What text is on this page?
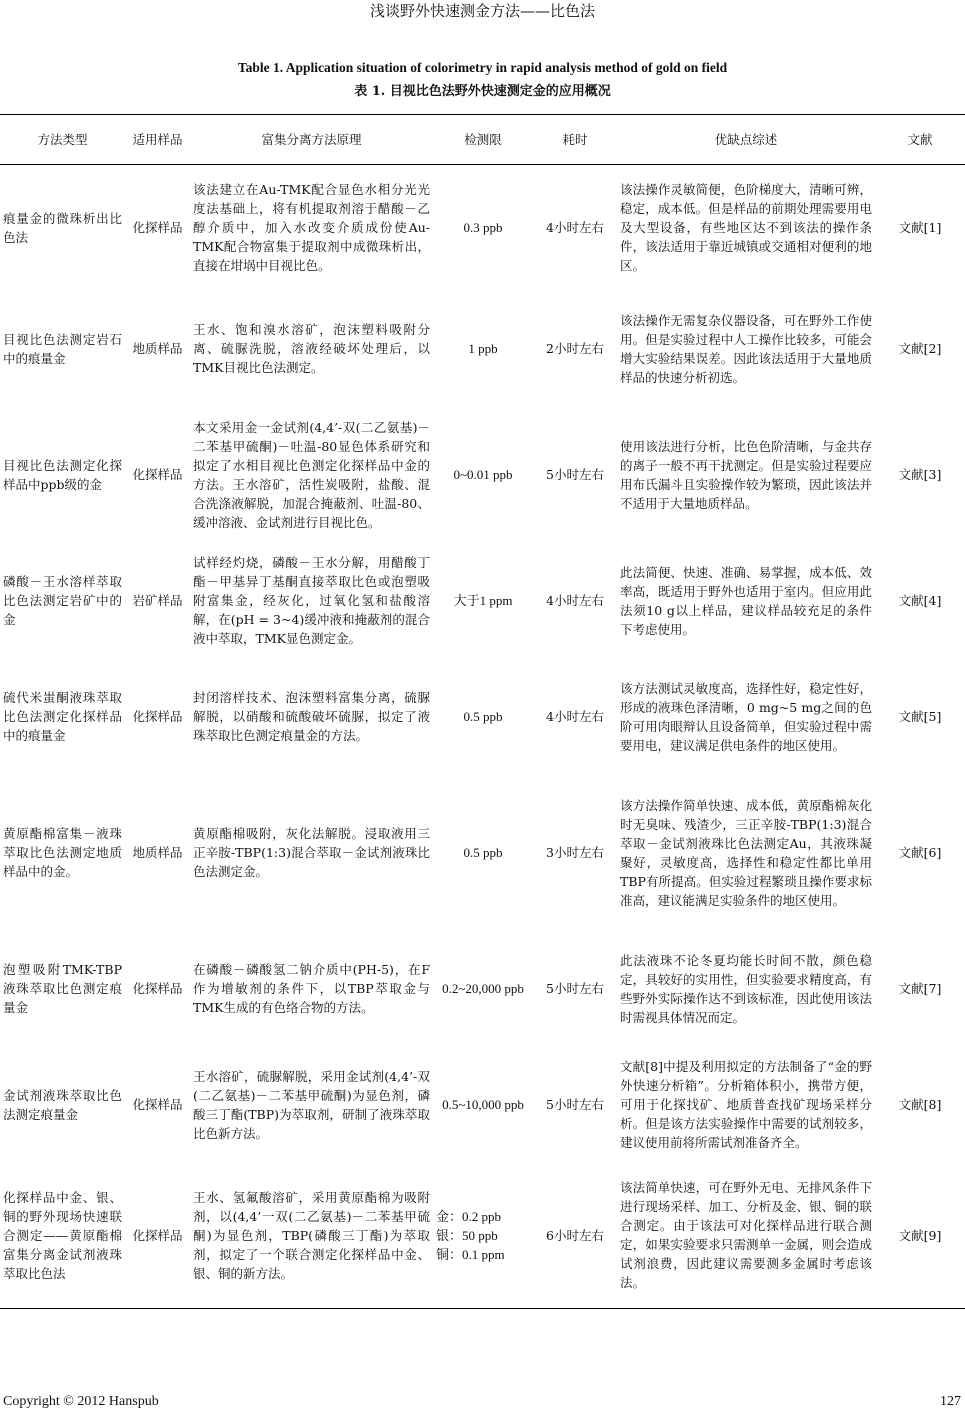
浅谈野外快速测金方法——比色法
Table 1. Application situation of colorimetry in rapid analysis method of gold on field
表 1. 目视比色法野外快速测定金的应用概况
方法类型	适用样品	富集分离方法原理	检测限	耗时	优缺点综述	文献
痕量金的微珠析出比色法	化探样品	该法建立在Au-TMK配合显色水相分光光度法基础上，将有机提取剂溶于醋酸－乙醇介质中，加入水改变介质成份使Au-TMK配合物富集于提取剂中成微珠析出，直接在坩埚中目视比色。	0.3 ppb	4小时左右	该法操作灵敏简便，色阶梯度大，清晰可辨，稳定，成本低。但是样品的前期处理需要用电及大型设备，有些地区达不到该法的操作条件，该法适用于靠近城镇或交通相对便利的地区。	文献[1]
目视比色法测定岩石中的痕量金	地质样品	王水、饱和溴水溶矿，泡沫塑料吸附分离、硫脲洗脱，溶液经破坏处理后，以TMK目视比色法测定。	1 ppb	2小时左右	该法操作无需复杂仪器设备，可在野外工作使用。但是实验过程中人工操作比较多，可能会增大实验结果误差。因此该法适用于大量地质样品的快速分析初选。	文献[2]
目视比色法测定化探样品中ppb级的金	化探样品	本文采用金一金试剂(4,4’-双(二乙氨基)－二苯基甲硫酮)－吐温-80显色体系研究和拟定了水相目视比色测定化探样品中金的方法。王水溶矿，活性炭吸附，盐酸、混合洗涤液解脱，加混合掩蔽剂、吐温-80、缓冲溶液、金试剂进行目视比色。	0~0.01 ppb	5小时左右	使用该法进行分析，比色色阶清晰，与金共存的离子一般不再干扰测定。但是实验过程要应用布氏漏斗且实验操作较为繁琐，因此该法并不适用于大量地质样品。	文献[3]
磷酸－王水溶样萃取比色法测定岩矿中的金	岩矿样品	试样经灼烧，磷酸－王水分解，用醋酸丁酯－甲基异丁基酮直接萃取比色或泡塑吸附富集金，经灰化，过氧化氢和盐酸溶解，在(pH = 3~4)缓冲液和掩蔽剂的混合液中萃取，TMK显色测定金。	大于1 ppm	4小时左右	此法简便、快速、准确、易掌握，成本低、效率高，既适用于野外也适用于室内。但应用此法须10 g以上样品，建议样品较充足的条件下考虑使用。	文献[4]
硫代米蚩酮液珠萃取比色法测定化探样品中的痕量金	化探样品	封闭溶样技术、泡沫塑料富集分离，硫脲解脱，以硝酸和硫酸破坏硫脲，拟定了液珠萃取比色测定痕量金的方法。	0.5 ppb	4小时左右	该方法测试灵敏度高，选择性好，稳定性好，形成的液珠色泽清晰，0 mg~5 mg之间的色阶可用肉眼辩认且设备简单，但实验过程中需要用电，建议满足供电条件的地区使用。	文献[5]
黄原酯棉富集－液珠萃取比色法测定地质样品中的金。	地质样品	黄原酯棉吸附，灰化法解脱。浸取液用三正辛胺-TBP(1:3)混合萃取－金试剂液珠比色法测定金。	0.5 ppb	3小时左右	该方法操作简单快速、成本低，黄原酯棉灰化时无臭味、残渣少，三正辛胺-TBP(1:3)混合萃取－金试剂液珠比色法测定Au，其液珠凝聚好，灵敏度高，选择性和稳定性都比单用TBP有所提高。但实验过程繁琐且操作要求标准高，建议能满足实验条件的地区使用。	文献[6]
泡塑吸附TMK-TBP液珠萃取比色测定痕量金	化探样品	在磷酸－磷酸氢二钠介质中(PH-5)，在F作为增敏剂的条件下，以TBP萃取金与TMK生成的有色络合物的方法。	0.2~20,000 ppb	5小时左右	此法液珠不论冬夏均能长时间不散，颜色稳定，具较好的实用性，但实验要求精度高，有些野外实际操作达不到该标准，因此使用该法时需视具体情况而定。	文献[7]
金试剂液珠萃取比色法测定痕量金	化探样品	王水溶矿，硫脲解脱，采用金试剂(4,4’-双(二乙氨基)－二苯基甲硫酮)为显色剂，磷酸三丁酯(TBP)为萃取剂，研制了液珠萃取比色新方法。	0.5~10,000 ppb	5小时左右	文献[8]中提及利用拟定的方法制备了“金的野外快速分析箱”。分析箱体积小，携带方便，可用于化探找矿、地质普查找矿现场采样分析。但是该方法实验操作中需要的试剂较多，建议使用前将所需试剂准备齐全。	文献[8]
化探样品中金、银、铜的野外现场快速联合测定——黄原酯棉富集分离金试剂液珠萃取比色法	化探样品	王水、氢氟酸溶矿，采用黄原酯棉为吸附剂，以(4,4’一双(二乙氨基)－二苯基甲硫酮)为显色剂，TBP(磷酸三丁酯)为萃取剂，拟定了一个联合测定化探样品中金、银、铜的新方法。	金：0.2 ppb
银：50 ppb
铜：0.1 ppm	6小时左右	该法简单快速，可在野外无电、无排风条件下进行现场采样、加工、分析及金、银、铜的联合测定。由于该法可对化探样品进行联合测定，如果实验要求只需测单一金属，则会造成试剂浪费，因此建议需要测多金属时考虑该法。	文献[9]
Copyright © 2012 Hanspub	127
